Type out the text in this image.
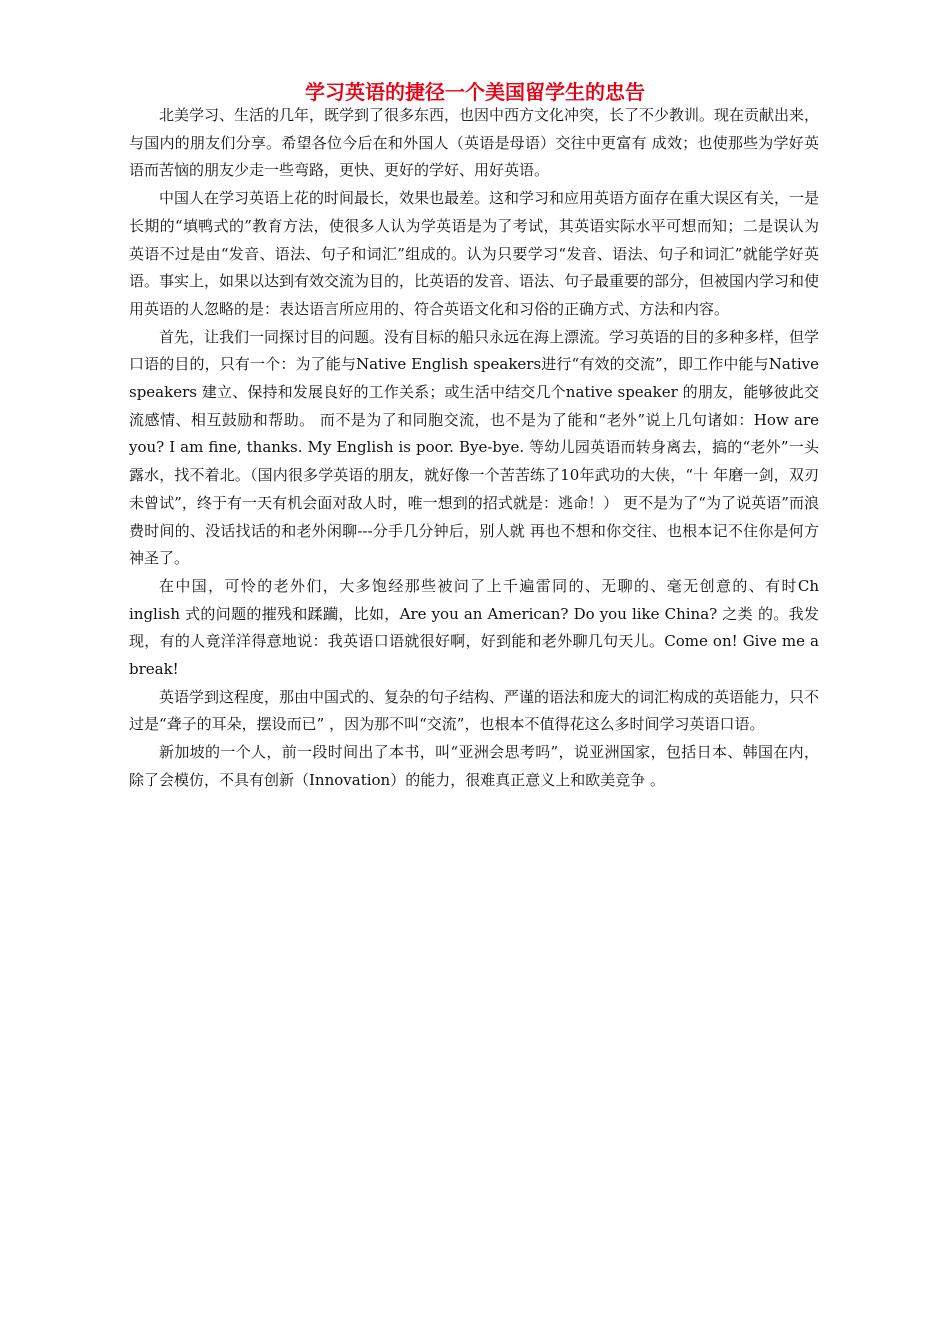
学习英语的捷径一个美国留学生的忠告

北美学习、生活的几年，既学到了很多东西，也因中西方文化冲突，长了不少教训。现在贡献出来，与国内的朋友们分享。希望各位今后在和外国人（英语是母语）交往中更富有 成效；也使那些为学好英语而苦恼的朋友少走一些弯路，更快、更好的学好、用好英语。

中国人在学习英语上花的时间最长，效果也最差。这和学习和应用英语方面存在重大误区有关，一是长期的“填鸭式的”教育方法，使很多人认为学英语是为了考试，其英语实际水平可想而知；二是误认为英语不过是由“发音、语法、句子和词汇”组成的。认为只要学习“发音、语法、句子和词汇”就能学好英语。事实上，如果以达到有效交流为目的，比英语的发音、语法、句子最重要的部分，但被国内学习和使用英语的人忽略的是：表达语言所应用的、符合英语文化和习俗的正确方式、方法和内容。

首先，让我们一同探讨目的问题。没有目标的船只永远在海上漂流。学习英语的目的多种多样，但学口语的目的，只有一个：为了能与Native English speakers进行“有效的交流”，即工作中能与Native speakers 建立、保持和发展良好的工作关系；或生活中结交几个native speaker 的朋友，能够彼此交流感情、相互鼓励和帮助。 而不是为了和同胞交流，也不是为了能和“老外”说上几句诸如：How are you? I am fine, thanks. My English is poor. Bye-bye. 等幼儿园英语而转身离去，搞的“老外”一头露水，找不着北。（国内很多学英语的朋友，就好像一个苦苦练了10年武功的大侠，“十 年磨一剑，双刃未曾试”，终于有一天有机会面对敌人时，唯一想到的招式就是：逃命！） 更不是为了“为了说英语”而浪费时间的、没话找话的和老外闲聊---分手几分钟后，别人就 再也不想和你交往、也根本记不住你是何方神圣了。

在中国，可怜的老外们，大多饱经那些被问了上千遍雷同的、无聊的、毫无创意的、有时Ch inglish 式的问题的摧残和蹂躏，比如，Are you an American? Do you like China? 之类 的。我发现，有的人竟洋洋得意地说：我英语口语就很好啊，好到能和老外聊几句天儿。Come on! Give me a break!

英语学到这程度，那由中国式的、复杂的句子结构、严谨的语法和庞大的词汇构成的英语能力，只不过是“聋子的耳朵，摆设而已” ，因为那不叫“交流”，也根本不值得花这么多时间学习英语口语。

新加坡的一个人，前一段时间出了本书，叫“亚洲会思考吗”，说亚洲国家，包括日本、韩国在内，除了会模仿，不具有创新（Innovation）的能力，很难真正意义上和欧美竞争 。
